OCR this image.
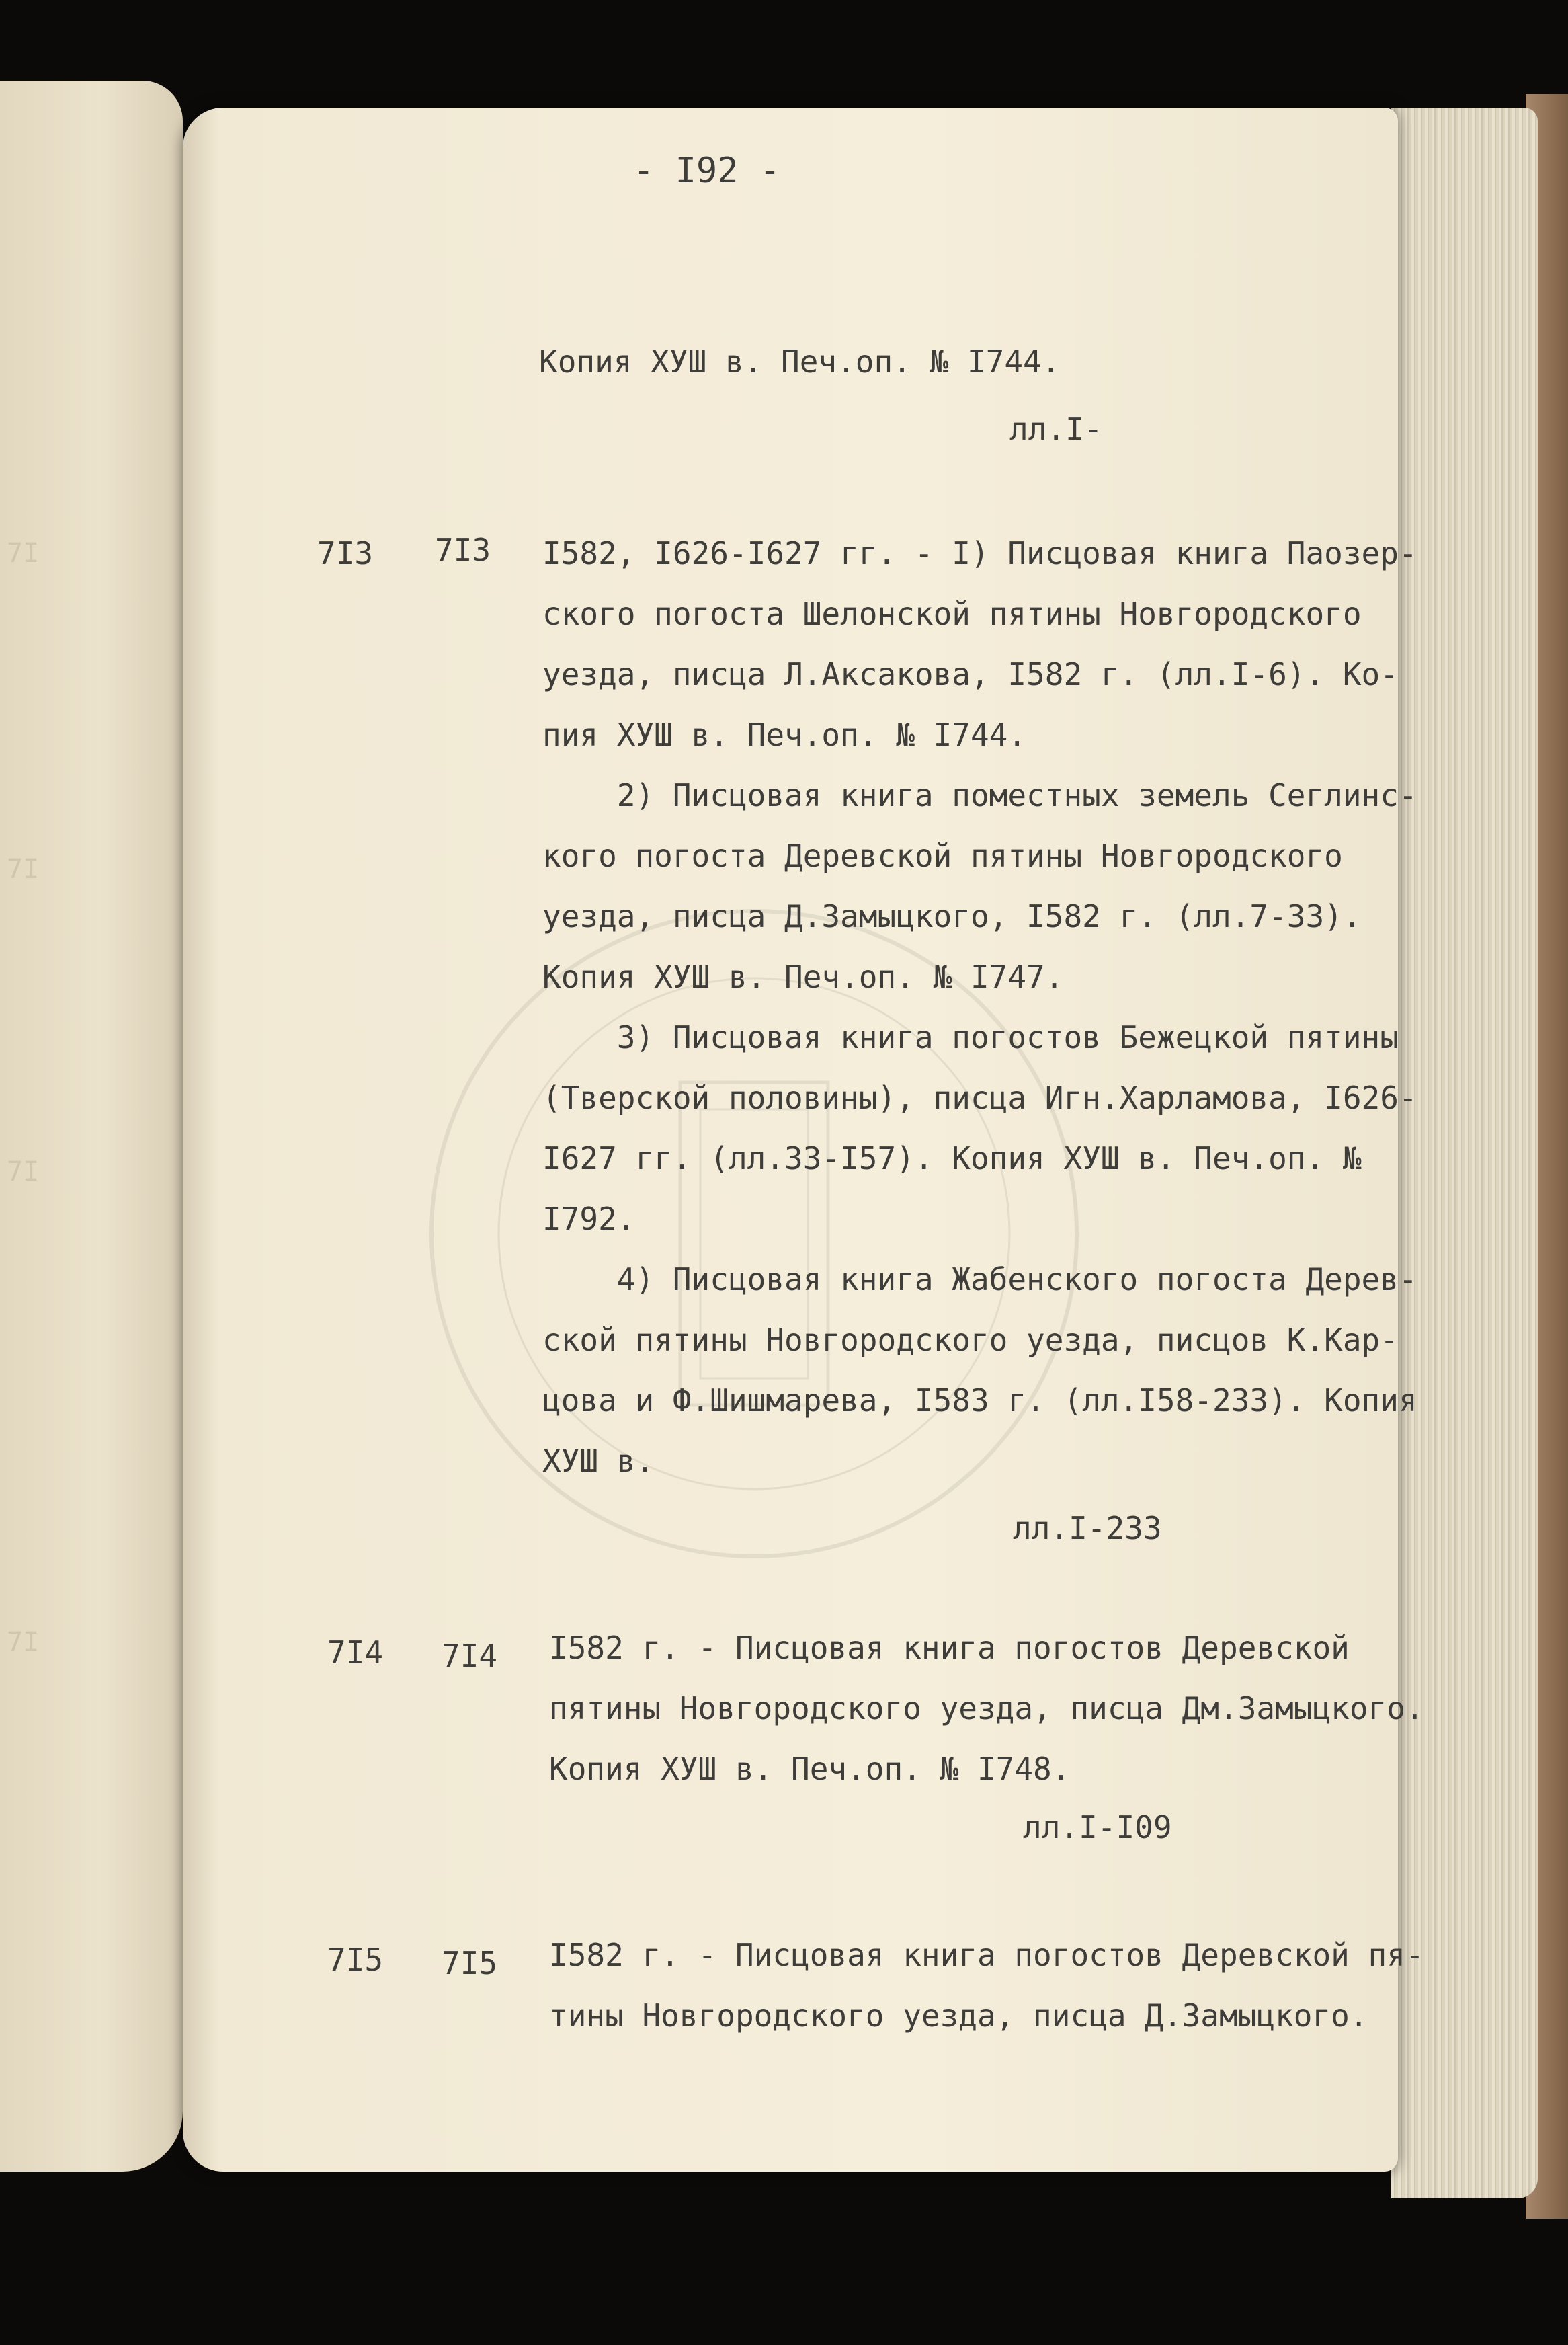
7I
7I
7I
7I
- I92 -
Копия ХУШ в. Печ.оп. № I744.
лл.I-
7I3 7I3 I582, I626-I627 гг. - I) Писцовая книга Паозер-
ского погоста Шелонской пятины Новгородского
уезда, писца Л.Аксакова, I582 г. (лл.I-6). Ко-
пия ХУШ в. Печ.оп. № I744.
2) Писцовая книга поместных земель Сеглинс-
кого погоста Деревской пятины Новгородского
уезда, писца Д.Замыцкого, I582 г. (лл.7-33).
Копия ХУШ в. Печ.оп. № I747.
3) Писцовая книга погостов Бежецкой пятины
(Тверской половины), писца Игн.Харламова, I626-
I627 гг. (лл.33-I57). Копия ХУШ в. Печ.оп. №
I792.
4) Писцовая книга Жабенского погоста Дерев-
ской пятины Новгородского уезда, писцов К.Кар-
цова и Ф.Шишмарева, I583 г. (лл.I58-233). Копия
ХУШ в.
лл.I-233
7I4 7I4 I582 г. - Писцовая книга погостов Деревской
пятины Новгородского уезда, писца Дм.Замыцкого.
Копия ХУШ в. Печ.оп. № I748.
лл.I-I09
7I5 7I5 I582 г. - Писцовая книга погостов Деревской пя-
тины Новгородского уезда, писца Д.Замыцкого.
